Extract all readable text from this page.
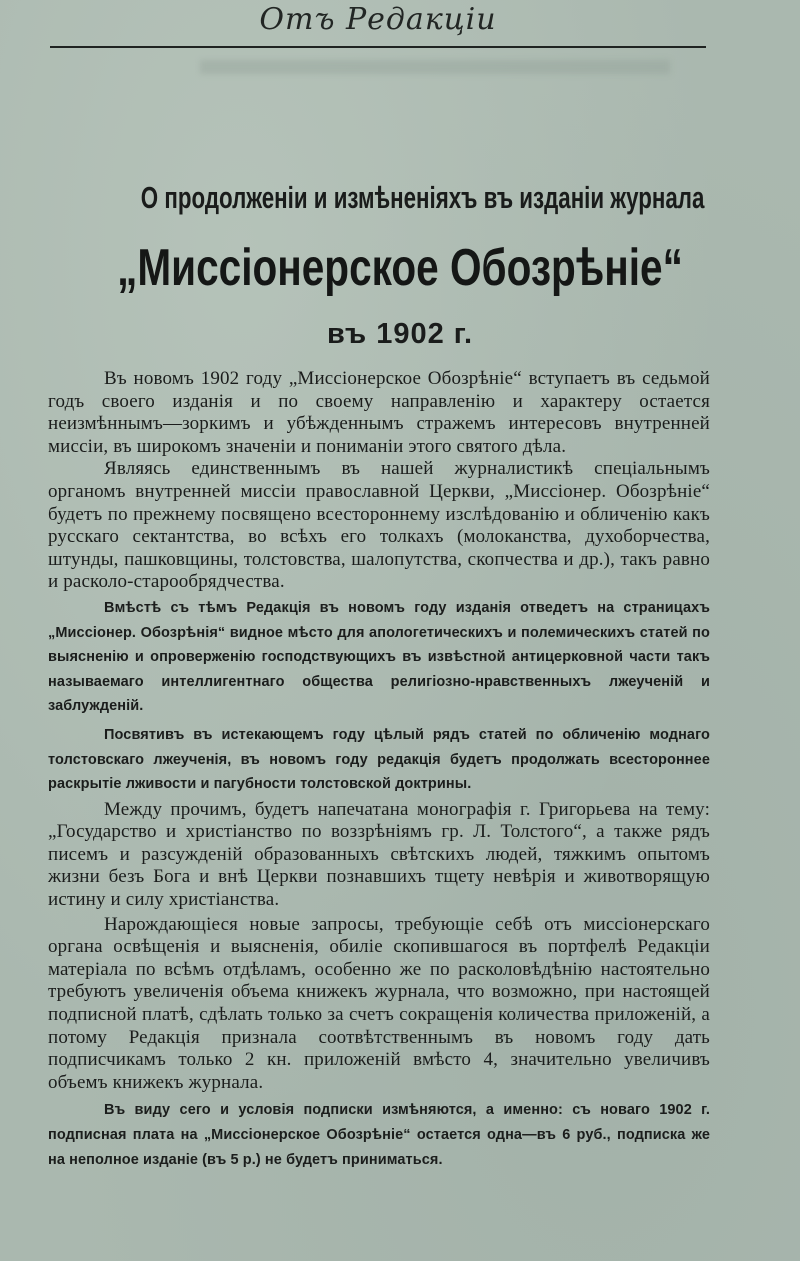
Отъ Редакціи
О продолженіи и измѣненіяхъ въ изданіи журнала
„Миссіонерское Обозрѣніе“
въ 1902 г.

Въ новомъ 1902 году „Миссіонерское Обозрѣніе“ вступаетъ въ седьмой годъ своего изданія и по своему направленію и характеру остается неизмѣннымъ—зоркимъ и убѣжденнымъ стражемъ интересовъ внутренней миссіи, въ широкомъ значеніи и пониманіи этого святого дѣла.

Являясь единственнымъ въ нашей журналистикѣ спеціальнымъ органомъ внутренней миссіи православной Церкви, „Миссіонер. Обозрѣніе“ будетъ по прежнему посвящено всестороннему изслѣдованію и обличенію какъ русскаго сектантства, во всѣхъ его толкахъ (молоканства, духоборчества, штунды, пашковщины, толстовства, шалопутства, скопчества и др.), такъ равно и расколо-старообрядчества.

Вмѣстѣ съ тѣмъ Редакція въ новомъ году изданія отведетъ на страницахъ „Миссіонер. Обозрѣнія“ видное мѣсто для апологетическихъ и полемическихъ статей по выясненію и опроверженію господствующихъ въ извѣстной антицерковной части такъ называемаго интеллигентнаго общества религіозно-нравственныхъ лжеученій и заблужденій.

Посвятивъ въ истекающемъ году цѣлый рядъ статей по обличенію моднаго толстовскаго лжеученія, въ новомъ году редакція будетъ продолжать всестороннее раскрытіе лживости и пагубности толстовской доктрины.

Между прочимъ, будетъ напечатана монографія г. Григорьева на тему: „Государство и христіанство по воззрѣніямъ гр. Л. Толстого“, а также рядъ писемъ и разсужденій образованныхъ свѣтскихъ людей, тяжкимъ опытомъ жизни безъ Бога и внѣ Церкви познавшихъ тщету невѣрія и животворящую истину и силу христіанства.

Нарождающіеся новые запросы, требующіе себѣ отъ миссіонерскаго органа освѣщенія и выясненія, обиліе скопившагося въ портфелѣ Редакціи матеріала по всѣмъ отдѣламъ, особенно же по расколовѣдѣнію настоятельно требуютъ увеличенія объема книжекъ журнала, что возможно, при настоящей подписной платѣ, сдѣлать только за счетъ сокращенія количества приложеній, а потому Редакція признала соотвѣтственнымъ въ новомъ году дать подписчикамъ только 2 кн. приложеній вмѣсто 4, значительно увеличивъ объемъ книжекъ журнала.

Въ виду сего и условія подписки измѣняются, а именно: съ новаго 1902 г. подписная плата на „Миссіонерское Обозрѣніе“ остается одна—въ 6 руб., подписка же на неполное изданіе (въ 5 р.) не будетъ приниматься.
